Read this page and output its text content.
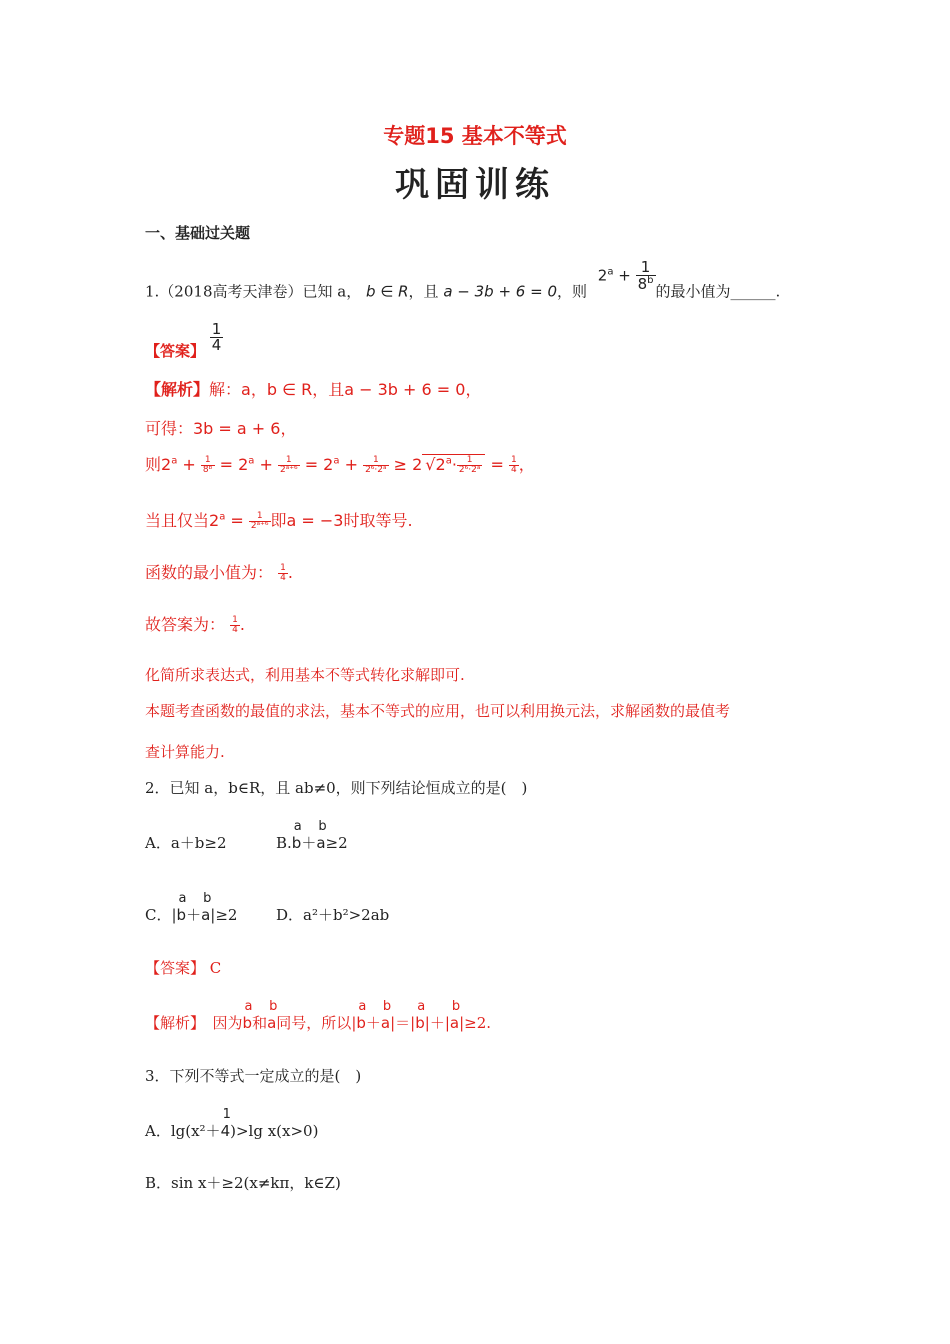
专题15 基本不等式
巩固训练
一、基础过关题
1.（2018高考天津卷）已知 a， b ∈ R，且 a − 3b + 6 = 0，则 $2^a + \frac{1}{8^b}$ 的最小值为______.
【答案】 $\frac{1}{4}$
【解析】解：a，b ∈ R，且a − 3b + 6 = 0，
可得：3b = a + 6，
则$2^a + \frac{1}{\text{8ᵇ}} = 2^a + \frac{1}{\text{2ᵃ⁺⁶}} = 2^a + \frac{1}{\text{2⁶·2ᵃ}} \ge 2$ $√2^a\cdot \frac{1}{\text{2⁶·2ᵃ}} = \frac{1}{4}$ ，
当且仅当$2^a = \frac{1}{\text{2ᵃ⁺⁶}}$ 即a = −3时取等号.
函数的最小值为： $\frac{1}{4}$ .
故答案为： $\frac{1}{4}$ .
化简所求表达式，利用基本不等式转化求解即可.
本题考查函数的最值的求法，基本不等式的应用，也可以利用换元法，求解函数的最值考
查计算能力.
2．已知 a，b∈R，且 ab≠0，则下列结论恒成立的是(　)
A．a＋b≥2	B.
a
b＋
b
a≥2
C．|
a
b＋
b
a|≥2	D．a²＋b²>2ab
【答案】 C
【解析】　 因为
a
b和
b
a同号，所以|
a
b＋
b
a|＝|
a
b|＋|
b
a|≥2.
3．下列不等式一定成立的是(　)
A．lg(x²＋
1
4)>lg x(x>0)
B．sin x＋≥2(x≠kπ，k∈Z)
